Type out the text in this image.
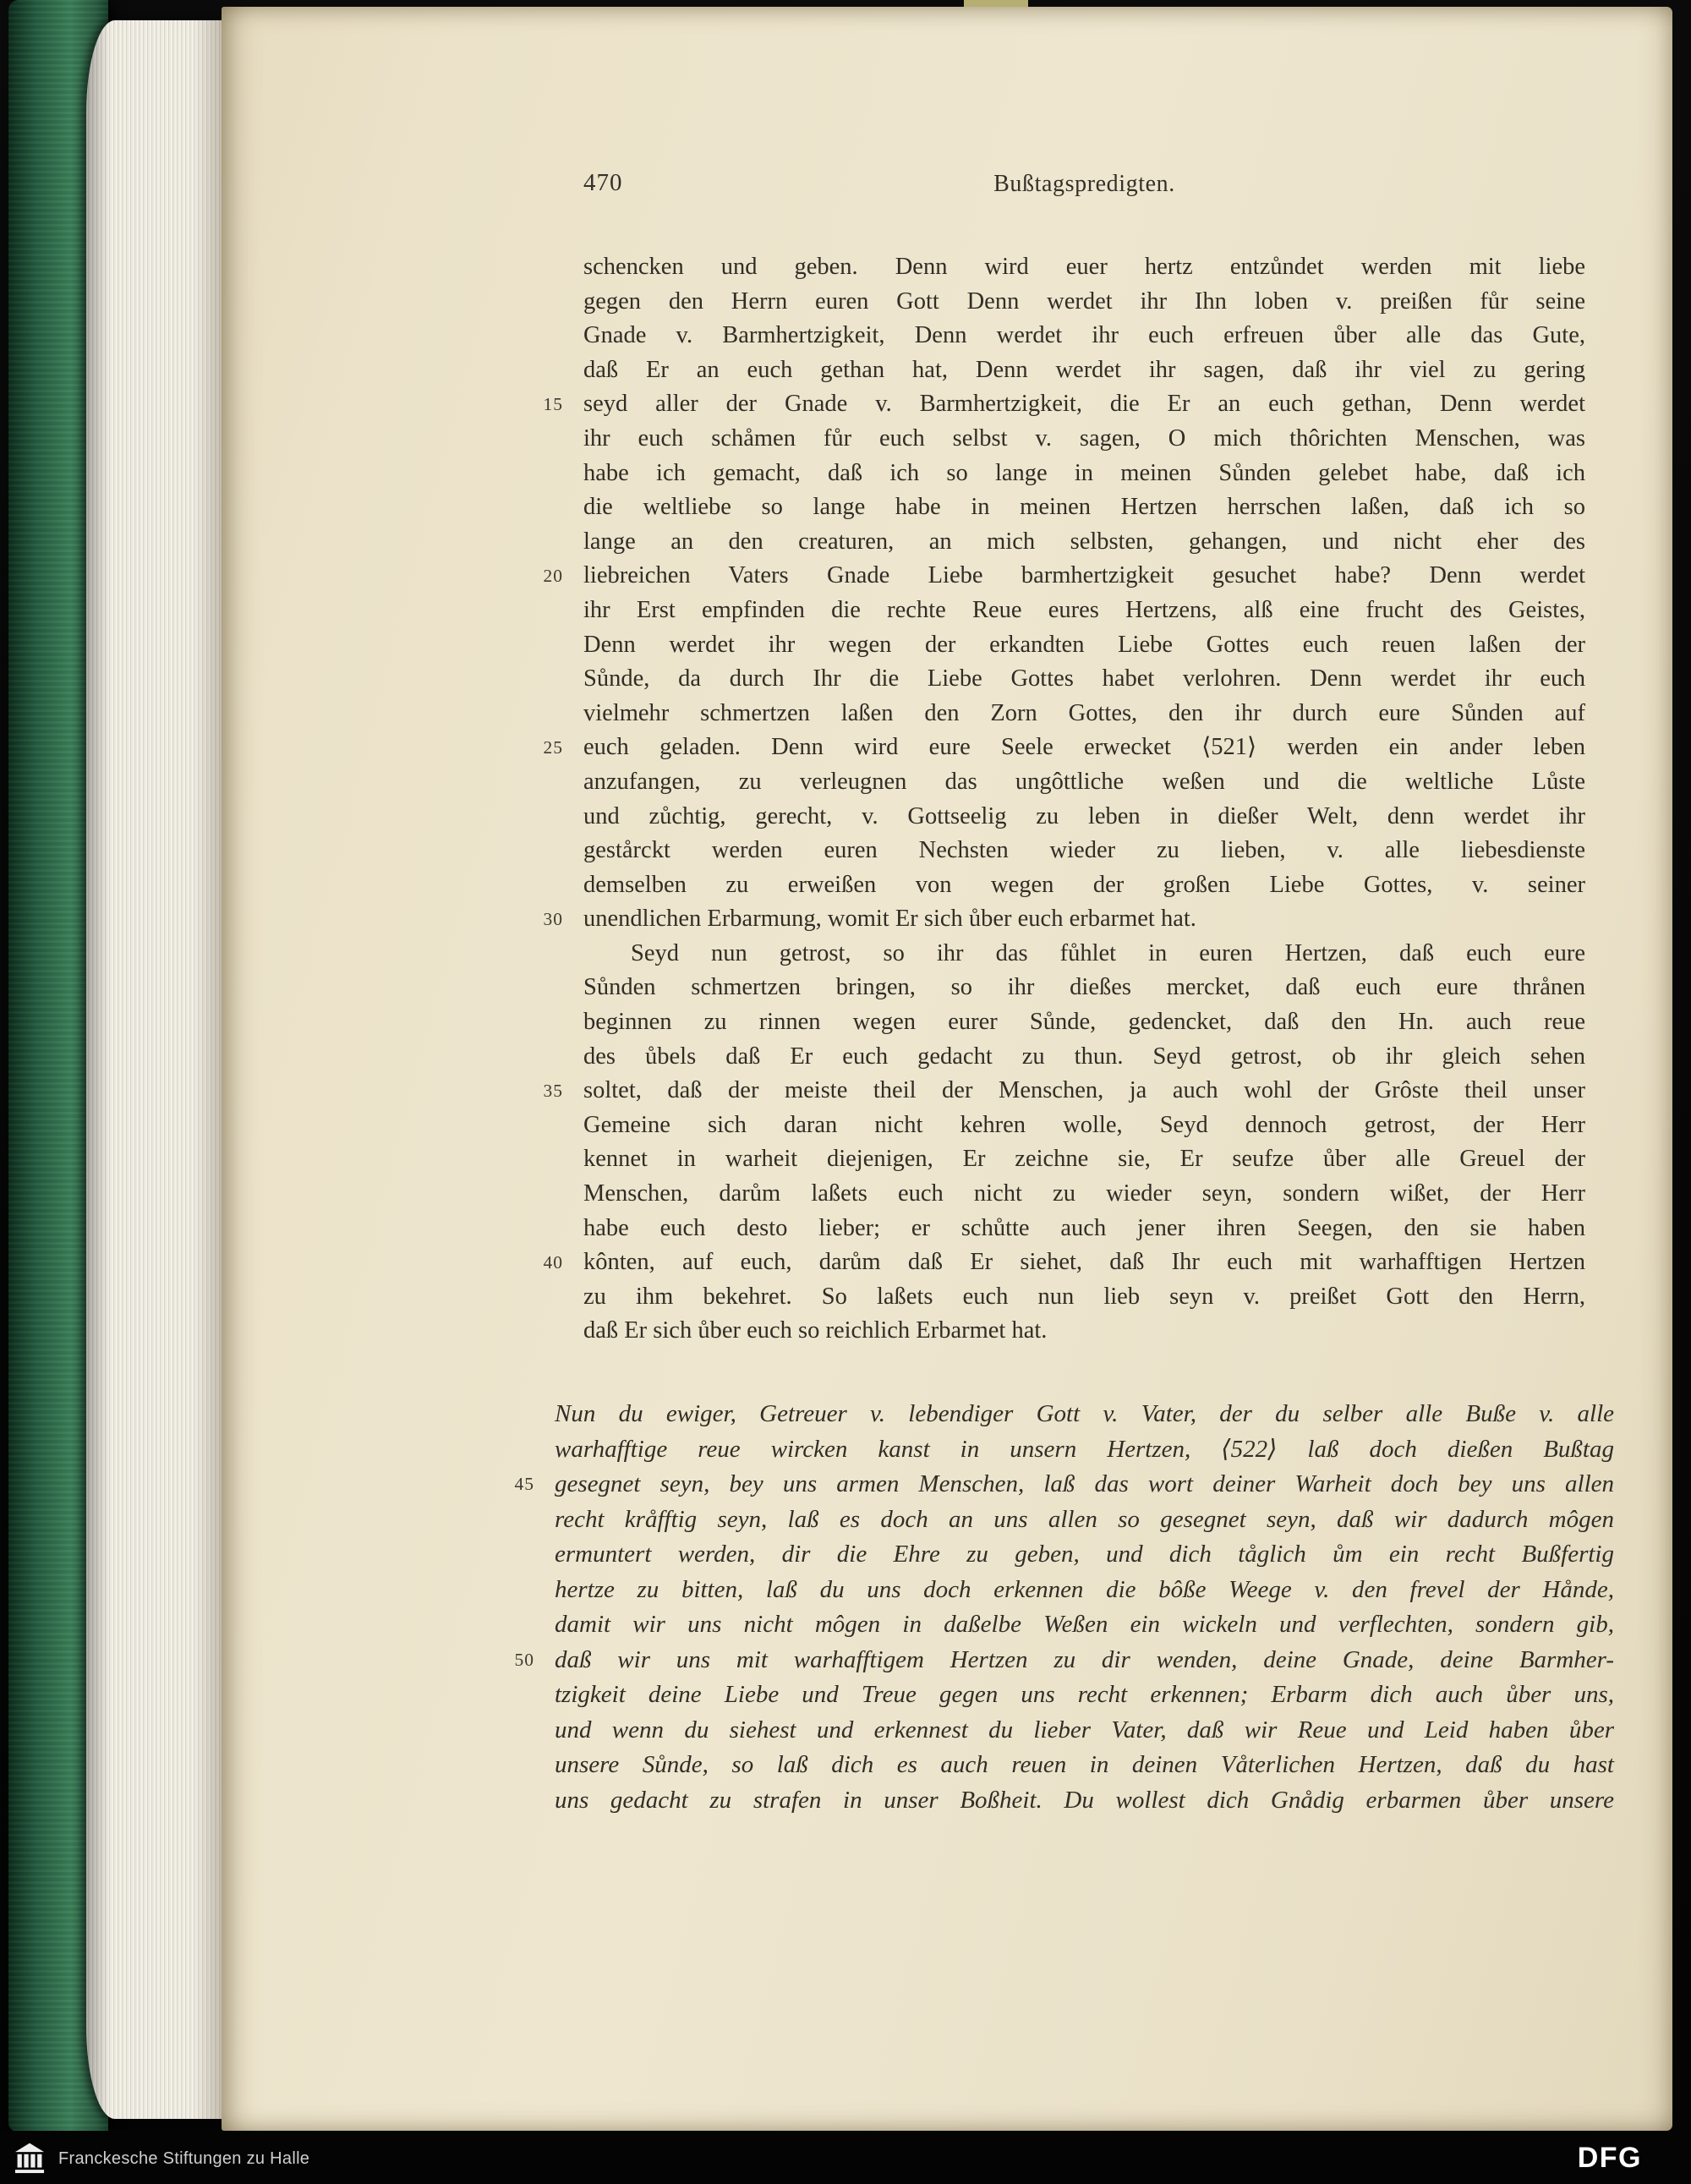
470	Bußtagspredigten.
schencken und geben. Denn wird euer hertz entzůndet werden mit liebe
gegen den Herrn euren Gott Denn werdet ihr Ihn loben v. preißen fůr seine
Gnade v. Barmhertzigkeit, Denn werdet ihr euch erfreuen ůber alle das Gute,
daß Er an euch gethan hat, Denn werdet ihr sagen, daß ihr viel zu gering
15 seyd aller der Gnade v. Barmhertzigkeit, die Er an euch gethan, Denn werdet
ihr euch schåmen fůr euch selbst v. sagen, O mich thôrichten Menschen, was
habe ich gemacht, daß ich so lange in meinen Sůnden gelebet habe, daß ich
die weltliebe so lange habe in meinen Hertzen herrschen laßen, daß ich so
lange an den creaturen, an mich selbsten, gehangen, und nicht eher des
20 liebreichen Vaters Gnade Liebe barmhertzigkeit gesuchet habe? Denn werdet
ihr Erst empfinden die rechte Reue eures Hertzens, alß eine frucht des Geistes,
Denn werdet ihr wegen der erkandten Liebe Gottes euch reuen laßen der
Sůnde, da durch Ihr die Liebe Gottes habet verlohren. Denn werdet ihr euch
vielmehr schmertzen laßen den Zorn Gottes, den ihr durch eure Sůnden auf
25 euch geladen. Denn wird eure Seele erwecket ⟨521⟩ werden ein ander leben
anzufangen, zu verleugnen das ungôttliche weßen und die weltliche Lůste
und zůchtig, gerecht, v. Gottseelig zu leben in dießer Welt, denn werdet ihr
gestårckt werden euren Nechsten wieder zu lieben, v. alle liebesdienste
demselben zu erweißen von wegen der großen Liebe Gottes, v. seiner
30 unendlichen Erbarmung, womit Er sich ůber euch erbarmet hat.
Seyd nun getrost, so ihr das fůhlet in euren Hertzen, daß euch eure
Sůnden schmertzen bringen, so ihr dießes mercket, daß euch eure thrånen
beginnen zu rinnen wegen eurer Sůnde, gedencket, daß den Hn. auch reue
des ůbels daß Er euch gedacht zu thun. Seyd getrost, ob ihr gleich sehen
35 soltet, daß der meiste theil der Menschen, ja auch wohl der Grôste theil unser
Gemeine sich daran nicht kehren wolle, Seyd dennoch getrost, der Herr
kennet in warheit diejenigen, Er zeichne sie, Er seufze ůber alle Greuel der
Menschen, darům laßets euch nicht zu wieder seyn, sondern wißet, der Herr
habe euch desto lieber; er schůtte auch jener ihren Seegen, den sie haben
40 kônten, auf euch, darům daß Er siehet, daß Ihr euch mit warhafftigen Hertzen
zu ihm bekehret. So laßets euch nun lieb seyn v. preißet Gott den Herrn,
daß Er sich ůber euch so reichlich Erbarmet hat.
Nun du ewiger, Getreuer v. lebendiger Gott v. Vater, der du selber alle Buße v. alle
warhafftige reue wircken kanst in unsern Hertzen, ⟨522⟩ laß doch dießen Bußtag
45 gesegnet seyn, bey uns armen Menschen, laß das wort deiner Warheit doch bey uns allen
recht kråfftig seyn, laß es doch an uns allen so gesegnet seyn, daß wir dadurch môgen
ermuntert werden, dir die Ehre zu geben, und dich tåglich ům ein recht Bußfertig
hertze zu bitten, laß du uns doch erkennen die bôße Weege v. den frevel der Hånde,
damit wir uns nicht môgen in daßelbe Weßen ein wickeln und verflechten, sondern gib,
50 daß wir uns mit warhafftigem Hertzen zu dir wenden, deine Gnade, deine Barmher-
tzigkeit deine Liebe und Treue gegen uns recht erkennen; Erbarm dich auch ůber uns,
und wenn du siehest und erkennest du lieber Vater, daß wir Reue und Leid haben ůber
unsere Sůnde, so laß dich es auch reuen in deinen Våterlichen Hertzen, daß du hast
uns gedacht zu strafen in unser Boßheit. Du wollest dich Gnådig erbarmen ůber unsere
Franckesche Stiftungen zu Halle	DFG
